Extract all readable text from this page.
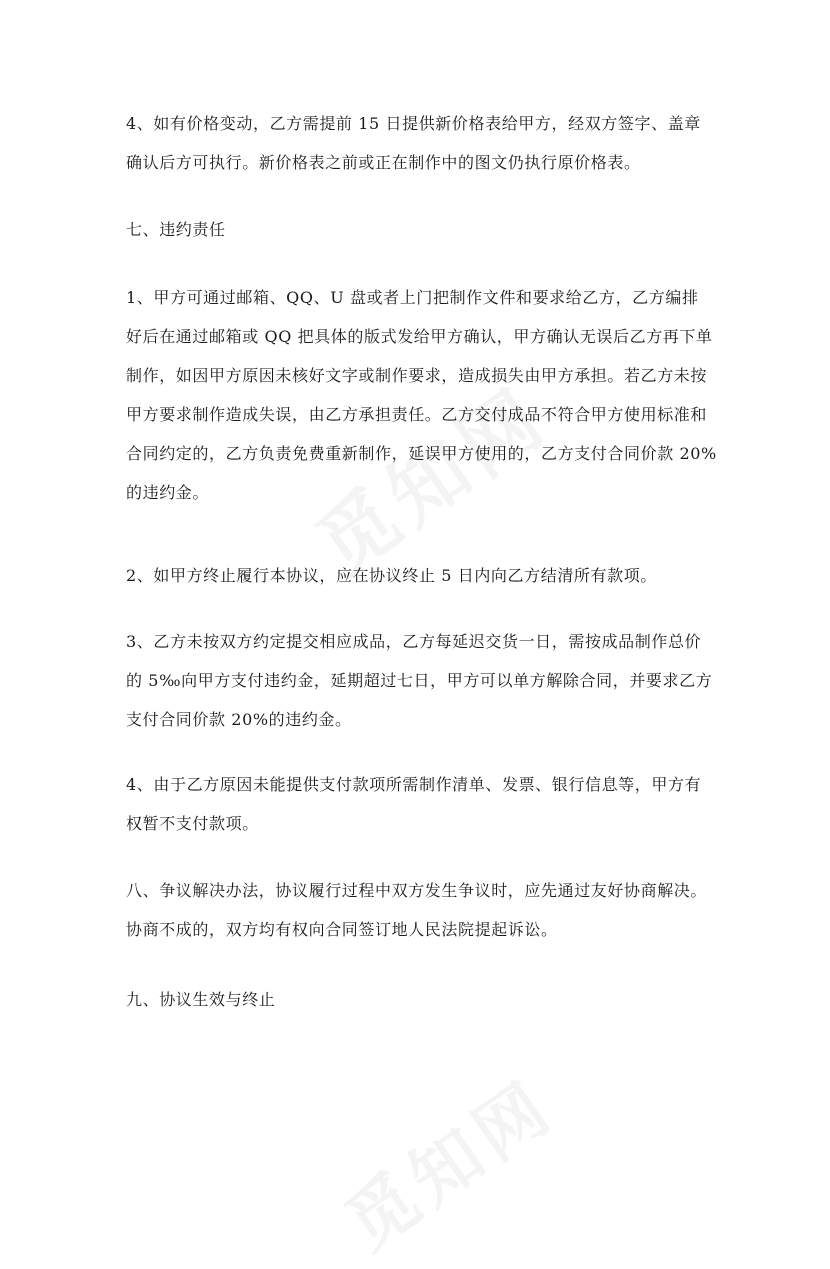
4、如有价格变动，乙方需提前 15 日提供新价格表给甲方，经双方签字、盖章
确认后方可执行。新价格表之前或正在制作中的图文仍执行原价格表。

七、违约责任

1、甲方可通过邮箱、QQ、U 盘或者上门把制作文件和要求给乙方，乙方编排
好后在通过邮箱或 QQ 把具体的版式发给甲方确认，甲方确认无误后乙方再下单
制作，如因甲方原因未核好文字或制作要求，造成损失由甲方承担。若乙方未按
甲方要求制作造成失误，由乙方承担责任。乙方交付成品不符合甲方使用标准和
合同约定的，乙方负责免费重新制作，延误甲方使用的，乙方支付合同价款 20%
的违约金。

2、如甲方终止履行本协议，应在协议终止 5 日内向乙方结清所有款项。

3、乙方未按双方约定提交相应成品，乙方每延迟交货一日，需按成品制作总价
的 5‰向甲方支付违约金，延期超过七日，甲方可以单方解除合同，并要求乙方
支付合同价款 20%的违约金。

4、由于乙方原因未能提供支付款项所需制作清单、发票、银行信息等，甲方有
权暂不支付款项。

八、争议解决办法，协议履行过程中双方发生争议时，应先通过友好协商解决。
协商不成的，双方均有权向合同签订地人民法院提起诉讼。

九、协议生效与终止
